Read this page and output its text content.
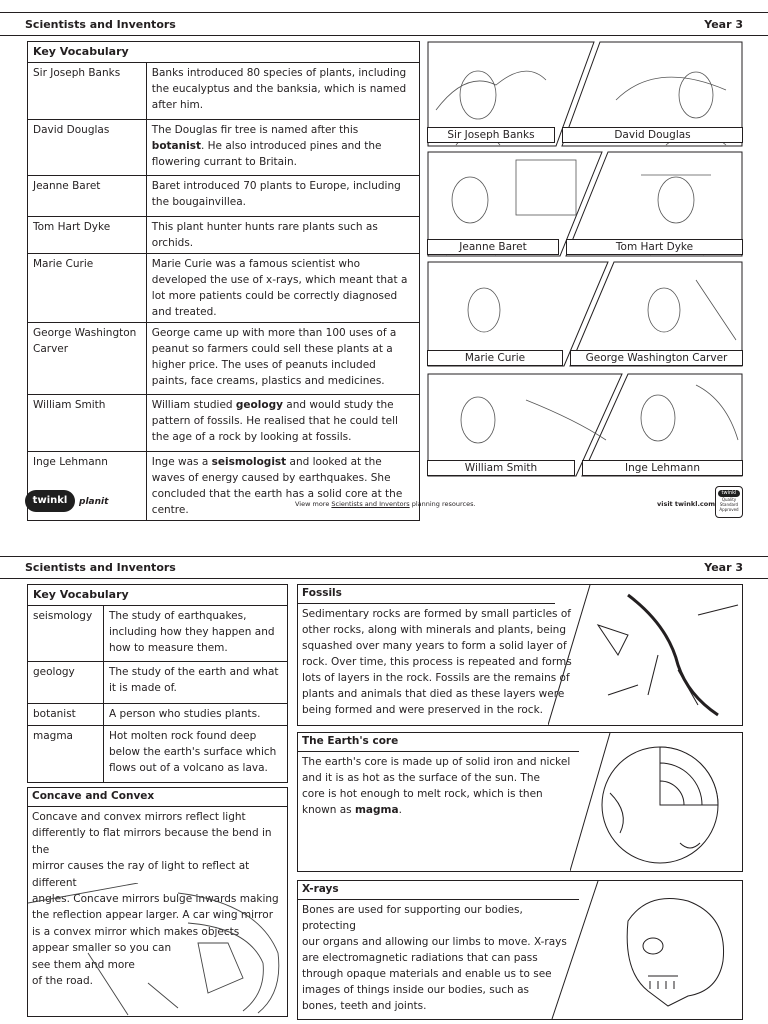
Scientists and Inventors	Year 3
Key Vocabulary	
Sir Joseph Banks	Banks introduced 80 species of plants, including the eucalyptus and the banksia, which is named after him.
David Douglas	The Douglas fir tree is named after this botanist. He also introduced pines and the flowering currant to Britain.
Jeanne Baret	Baret introduced 70 plants to Europe, including the bougainvillea.
Tom Hart Dyke	This plant hunter hunts rare plants such as orchids.
Marie Curie	Marie Curie was a famous scientist who developed the use of x-rays, which meant that a lot more patients could be correctly diagnosed and treated.
George Washington Carver	George came up with more than 100 uses of a peanut so farmers could sell these plants at a higher price. The uses of peanuts included paints, face creams, plastics and medicines.
William Smith	William studied geology and would study the pattern of fossils. He realised that he could tell the age of a rock by looking at fossils.
Inge Lehmann	Inge was a seismologist and looked at the waves of energy caused by earthquakes. She concluded that the earth has a solid core at the centre.
Sir Joseph Banks	David Douglas
Jeanne Baret	Tom Hart Dyke
Marie Curie	George Washington Carver
William Smith	Inge Lehmann
twinkl	planit	View more Scientists and Inventors planning resources.	visit twinkl.com
twinkl
Quality Standard
Approved
Scientists and Inventors	Year 3
Key Vocabulary	
seismology	The study of earthquakes, including how they happen and how to measure them.
geology	The study of the earth and what it is made of.
botanist	A person who studies plants.
magma	Hot molten rock found deep below the earth's surface which flows out of a volcano as lava.
Concave and Convex
Concave and convex mirrors reflect light
differently to flat mirrors because the bend in the
mirror causes the ray of light to reflect at different
angles. Concave mirrors bulge inwards making
the reflection appear larger. A car wing mirror
is a convex mirror which makes objects
appear smaller so you can
see them and more
of the road.
Fossils
Sedimentary rocks are formed by small particles of
other rocks, along with minerals and plants, being
squashed over many years to form a solid layer of
rock. Over time, this process is repeated and forms
lots of layers in the rock. Fossils are the remains of
plants and animals that died as these layers were
being formed and were preserved in the rock.
The Earth's core
The earth's core is made up of solid iron and nickel
and it is as hot as the surface of the sun. The
core is hot enough to melt rock, which is then
known as magma.
X-rays
Bones are used for supporting our bodies, protecting
our organs and allowing our limbs to move. X-rays
are electromagnetic radiations that can pass
through opaque materials and enable us to see
images of things inside our bodies, such as
bones, teeth and joints.
